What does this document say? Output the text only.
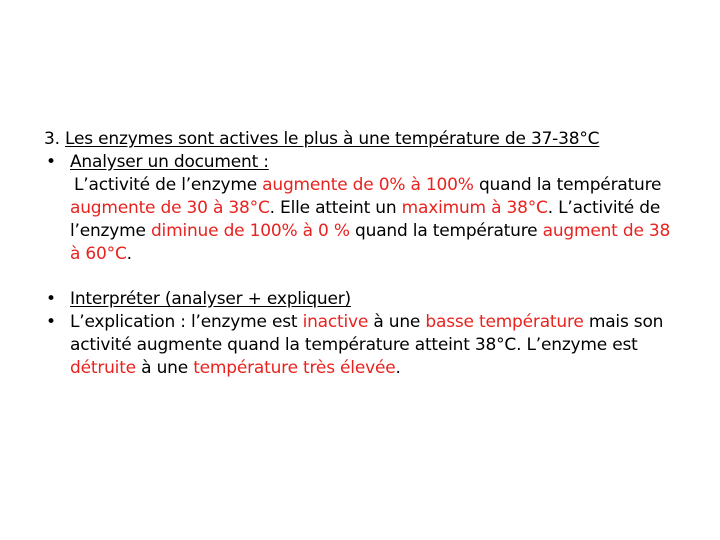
3. Les enzymes sont actives le plus à une température de 37-38°C

• Analyser un document :

L’activité de l’enzyme augmente de 0% à 100% quand la température augmente de 30 à 38°C. Elle atteint un maximum à 38°C. L’activité de l’enzyme diminue de 100% à 0 % quand la température augment de 38 à 60°C.

• Interpréter (analyser + expliquer)

• L’explication : l’enzyme est inactive à une basse température mais son activité augmente quand la température atteint 38°C. L’enzyme est détruite à une température très élevée.
